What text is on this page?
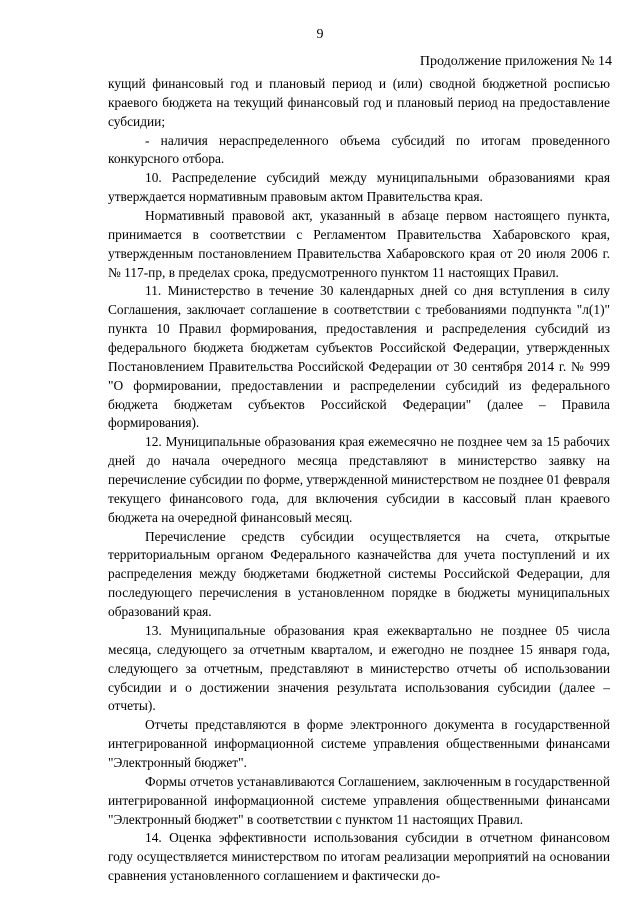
9
Продолжение приложения № 14

кущий финансовый год и плановый период и (или) сводной бюджетной росписью краевого бюджета на текущий финансовый год и плановый период на предоставление субсидии;

- наличия нераспределенного объема субсидий по итогам проведенного конкурсного отбора.

10. Распределение субсидий между муниципальными образованиями края утверждается нормативным правовым актом Правительства края.

Нормативный правовой акт, указанный в абзаце первом настоящего пункта, принимается в соответствии с Регламентом Правительства Хабаровского края, утвержденным постановлением Правительства Хабаровского края от 20 июля 2006 г. № 117-пр, в пределах срока, предусмотренного пунктом 11 настоящих Правил.

11. Министерство в течение 30 календарных дней со дня вступления в силу Соглашения, заключает соглашение в соответствии с требованиями подпункта "л(1)" пункта 10 Правил формирования, предоставления и распределения субсидий из федерального бюджета бюджетам субъектов Российской Федерации, утвержденных Постановлением Правительства Российской Федерации от 30 сентября 2014 г. № 999 "О формировании, предоставлении и распределении субсидий из федерального бюджета бюджетам субъектов Российской Федерации" (далее – Правила формирования).

12. Муниципальные образования края ежемесячно не позднее чем за 15 рабочих дней до начала очередного месяца представляют в министерство заявку на перечисление субсидии по форме, утвержденной министерством не позднее 01 февраля текущего финансового года, для включения субсидии в кассовый план краевого бюджета на очередной финансовый месяц.

Перечисление средств субсидии осуществляется на счета, открытые территориальным органом Федерального казначейства для учета поступлений и их распределения между бюджетами бюджетной системы Российской Федерации, для последующего перечисления в установленном порядке в бюджеты муниципальных образований края.

13. Муниципальные образования края ежеквартально не позднее 05 числа месяца, следующего за отчетным кварталом, и ежегодно не позднее 15 января года, следующего за отчетным, представляют в министерство отчеты об использовании субсидии и о достижении значения результата использования субсидии (далее – отчеты).

Отчеты представляются в форме электронного документа в государственной интегрированной информационной системе управления общественными финансами "Электронный бюджет".

Формы отчетов устанавливаются Соглашением, заключенным в государственной интегрированной информационной системе управления общественными финансами "Электронный бюджет" в соответствии с пунктом 11 настоящих Правил.

14. Оценка эффективности использования субсидии в отчетном финансовом году осуществляется министерством по итогам реализации мероприятий на основании сравнения установленного соглашением и фактически до-
